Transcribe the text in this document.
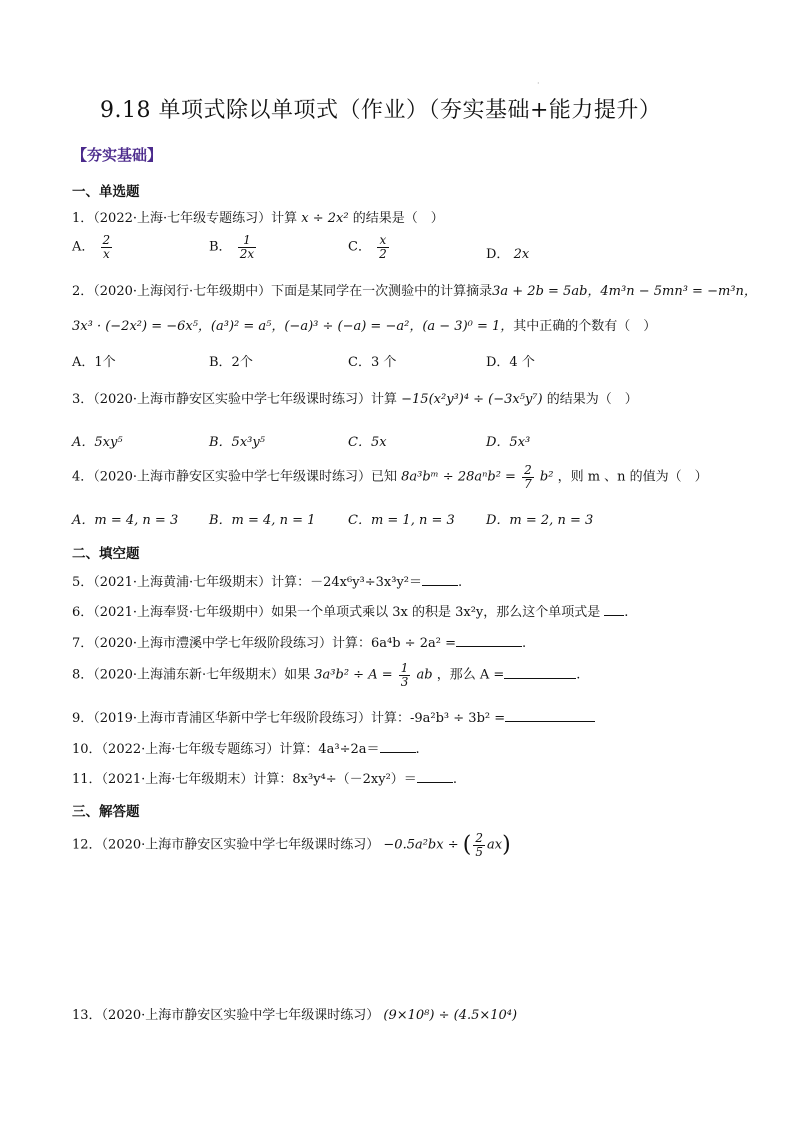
·
9.18 单项式除以单项式（作业）（夯实基础+能力提升）
【夯实基础】
一、单选题
1．（2022·上海·七年级专题练习）计算 x ÷ 2x² 的结果是（　）
A． $\frac{2}{x}$	B． $\frac{1}{2x}$	C． $\frac{x}{2}$	D． 2x
2．（2020·上海闵行·七年级期中）下面是某同学在一次测验中的计算摘录3a + 2b = 5ab，4m³n − 5mn³ = −m³n，
3x³ · (−2x²) = −6x⁵，(a³)² = a⁵，(−a)³ ÷ (−a) = −a²，(a − 3)⁰ = 1，其中正确的个数有（　）
A．1个	B．2个	C．3 个	D．4 个
3．（2020·上海市静安区实验中学七年级课时练习）计算 −15(x²y³)⁴ ÷ (−3x⁵y⁷) 的结果为（　）
A．5xy⁵	B．5x³y⁵	C．5x	D．5x³
4．（2020·上海市静安区实验中学七年级课时练习）已知 8a³bᵐ ÷ $28a^nb^2 = \frac{2}{7} b^2$ ，则 m 、n 的值为（　）
A．m = 4, n = 3 B．m = 4, n = 1	C．m = 1, n = 3 D．m = 2, n = 3
二、填空题
5．（2021·上海黄浦·七年级期末）计算：－24x⁶y³÷3x³y²＝	.
6．（2021·上海奉贤·七年级期中）如果一个单项式乘以 3x 的积是 3x²y，那么这个单项式是 .
7．（2020·上海市澧溪中学七年级阶段练习）计算：6a⁴b ÷ 2a² =	.
8．（2020·上海浦东新·七年级期末）如果 $3a^3b^2 \div A = \frac{1}{3}$ ab ，那么 A =	.
9．（2019·上海市青浦区华新中学七年级阶段练习）计算：-9a²b³ ÷ 3b² =
10．（2022·上海·七年级专题练习）计算：4a³÷2a＝	.
11．（2021·上海·七年级期末）计算：8x³y⁴÷（－2xy²）＝	.
三、解答题
12．（2020·上海市静安区实验中学七年级课时练习） −0.5a²bx ÷ ( $\frac{2}{5} ax$)
13．（2020·上海市静安区实验中学七年级课时练习） (9×10⁸) ÷ (4.5×10⁴)
